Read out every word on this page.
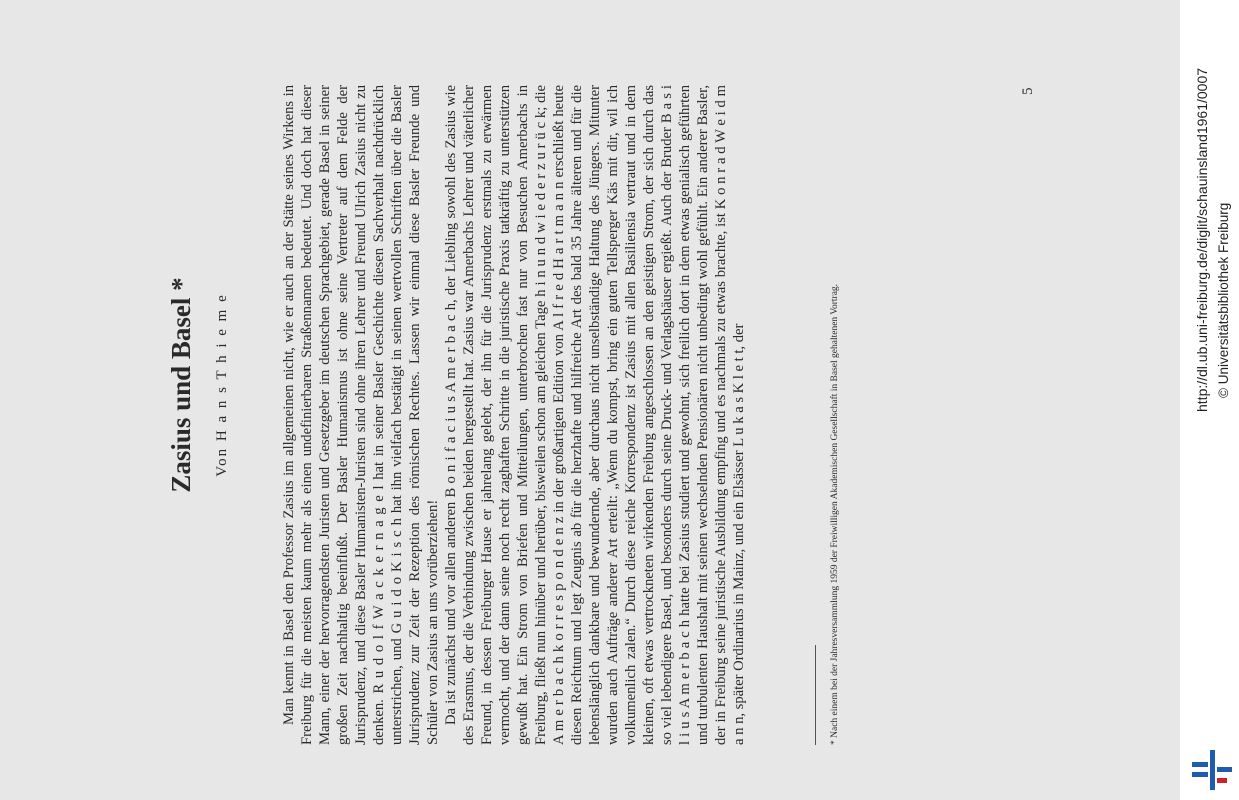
Zasius und Basel * Von H a n s T h i e m e	Man kennt in Basel den Professor Zasius im allgemeinen nicht, wie er auch an der Stätte seines Wirkens in Freiburg für die meisten kaum mehr als einen undefinierbaren Straßennamen bedeutet. Und doch hat dieser Mann, einer der hervorragendsten Juristen und Gesetzgeber im deutschen Sprachgebiet, gerade Basel in seiner großen Zeit nachhaltig beeinflußt. Der Basler Humanismus ist ohne seine Vertreter auf dem Felde der Jurisprudenz, und diese Basler Humanisten-Juristen sind ohne ihren Lehrer und Freund Ulrich Zasius nicht zu denken. R u d o l f W a c k e r n a g e l hat in seiner Basler Geschichte diesen Sachverhalt nachdrücklich unterstrichen, und G u i d o K i s c h hat ihn vielfach bestätigt in seinen wertvollen Schriften über die Basler Jurisprudenz zur Zeit der Rezeption des römischen Rechtes. Lassen wir einmal diese Basler Freunde und Schüler von Zasius an uns vorüberziehen! Da ist zunächst und vor allen anderen B o n i f a c i u s A m e r b a c h, der Liebling sowohl des Zasius wie des Erasmus, der die Verbindung zwischen beiden hergestellt hat. Zasius war Amerbachs Lehrer und väterlicher Freund, in dessen Freiburger Hause er jahrelang gelebt, der ihn für die Jurisprudenz erstmals zu erwärmen vermocht, und der dann seine noch recht zaghaften Schritte in die juristische Praxis tatkräftig zu unterstützen gewußt hat. Ein Strom von Briefen und Mitteilungen, unterbrochen fast nur von Besuchen Amerbachs in Freiburg, fließt nun hinüber und herüber, bisweilen schon am gleichen Tage h i n u n d w i e d e r z u r ü c k; die A m e r b a c h k o r r e s p o n d e n z in der großartigen Edition von A l f r e d H a r t m a n n erschließt heute diesen Reichtum und legt Zeugnis ab für die herzhafte und hilfreiche Art des bald 35 Jahre älteren und für die lebenslänglich dankbare und bewundernde, aber durchaus nicht unselbständige Haltung des Jüngers. Mitunter wurden auch Aufträge anderer Art erteilt: „Wenn du kompst, bring ein guten Tellsperger Käs mit dir, wil ich volkumenlich zalen.“ Durch diese reiche Korrespondenz ist Zasius mit allen Basiliensia vertraut und in dem kleinen, oft etwas vertrockneten wirkenden Freiburg angeschlossen an den geistigen Strom, der sich durch das so viel lebendigere Basel, und besonders durch seine Druck- und Verlagshäuser ergießt. Auch der Bruder B a s i l i u s A m e r b a c h hatte bei Zasius studiert und gewohnt, sich freilich dort in dem etwas genialisch geführten und turbulenten Haushalt mit seinen wechselnden Pensionären nicht unbedingt wohl gefühlt. Ein anderer Basler, der in Freiburg seine juristische Ausbildung empfing und es nachmals zu etwas brachte, ist K o n r a d W e i d m a n n, später Ordinarius in Mainz, und ein Elsässer L u k a s K l e t t, der	* Nach einem bei der Jahresversammlung 1959 der Freiwilligen Akademischen Gesellschaft in Basel gehaltenen Vortrag.
5	http://dl.ub.uni-freiburg.de/diglit/schauinsland1961/0007 © Universitätsbibliothek Freiburg
